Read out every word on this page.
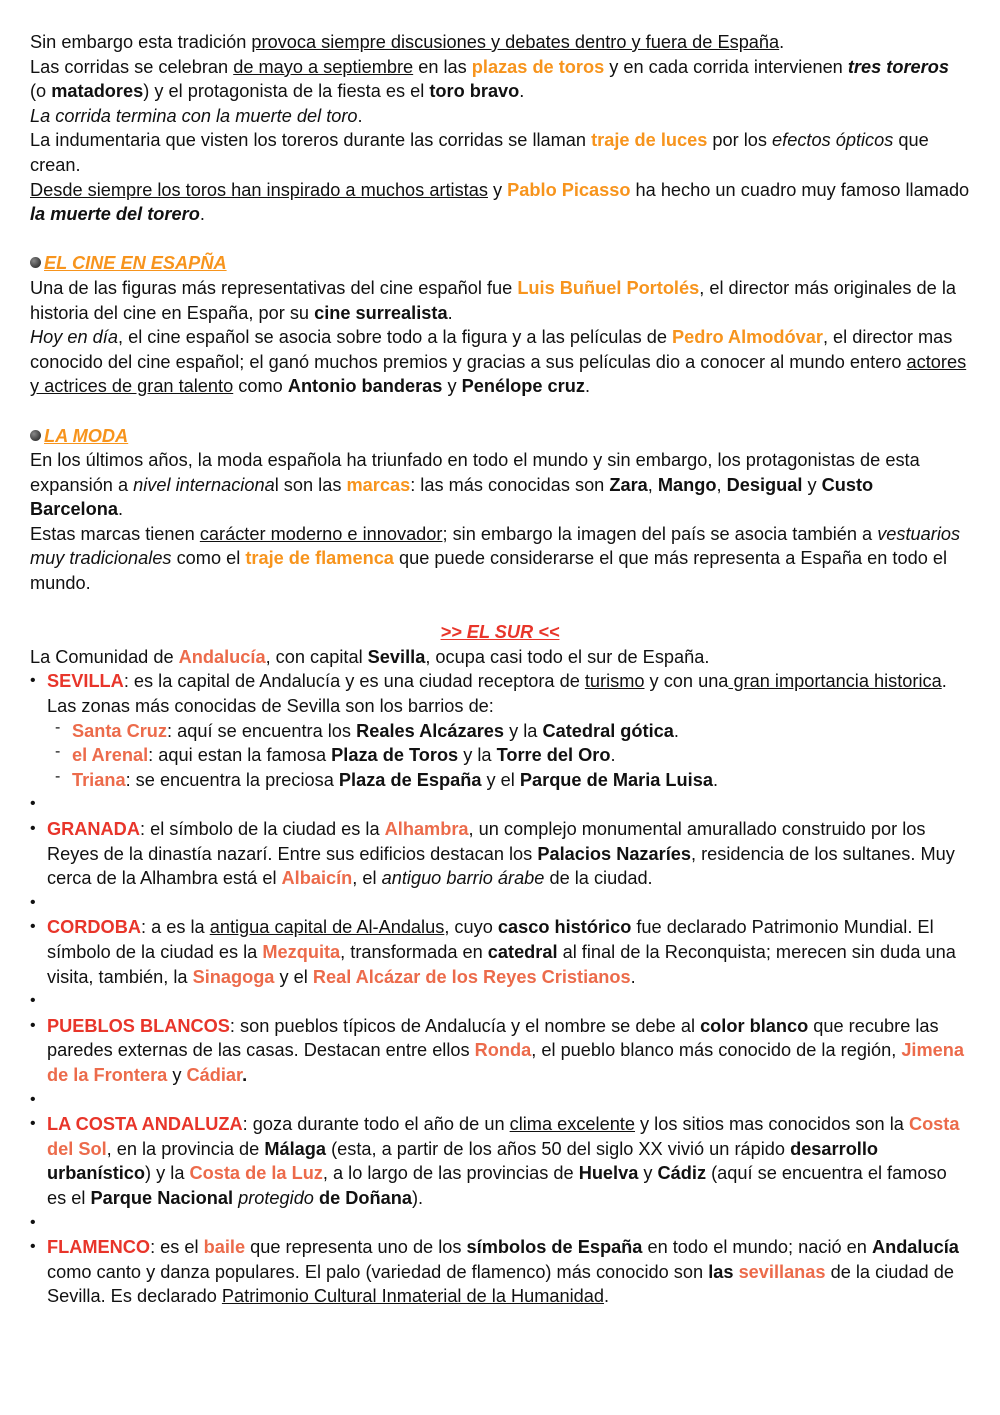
Sin embargo esta tradición provoca siempre discusiones y debates dentro y fuera de España.

Las corridas se celebran de mayo a septiembre en las plazas de toros y en cada corrida intervienen tres toreros (o matadores) y el protagonista de la fiesta es el toro bravo.

La corrida termina con la muerte del toro.

La indumentaria que visten los toreros durante las corridas se llaman traje de luces por los efectos ópticos que crean.

Desde siempre los toros han inspirado a muchos artistas y Pablo Picasso ha hecho un cuadro muy famoso llamado la muerte del torero.

EL CINE EN ESAPÑA

Una de las figuras más representativas del cine español fue Luis Buñuel Portolés, el director más originales de la historia del cine en España, por su cine surrealista.

Hoy en día, el cine español se asocia sobre todo a la figura y a las películas de Pedro Almodóvar, el director mas conocido del cine español; el ganó muchos premios y gracias a sus películas dio a conocer al mundo entero actores y actrices de gran talento como Antonio banderas y Penélope cruz.

LA MODA

En los últimos años, la moda española ha triunfado en todo el mundo y sin embargo, los protagonistas de esta expansión a nivel internacional son las marcas: las más conocidas son Zara, Mango, Desigual y Custo Barcelona.

Estas marcas tienen carácter moderno e innovador; sin embargo la imagen del país se asocia también a vestuarios muy tradicionales como el traje de flamenca que puede considerarse el que más representa a España en todo el mundo.

>> EL SUR <<

La Comunidad de Andalucía, con capital Sevilla, ocupa casi todo el sur de España.

• SEVILLA: es la capital de Andalucía y es una ciudad receptora de turismo y con una gran importancia historica. Las zonas más conocidas de Sevilla son los barrios de:
- Santa Cruz: aquí se encuentra los Reales Alcázares y la Catedral gótica.
- el Arenal: aqui estan la famosa Plaza de Toros y la Torre del Oro.
- Triana: se encuentra la preciosa Plaza de España y el Parque de Maria Luisa.
•
• GRANADA: el símbolo de la ciudad es la Alhambra, un complejo monumental amurallado construido por los Reyes de la dinastía nazarí. Entre sus edificios destacan los Palacios Nazaríes, residencia de los sultanes. Muy cerca de la Alhambra está el Albaicín, el antiguo barrio árabe de la ciudad.
•
• CORDOBA: a es la antigua capital de Al-Andalus, cuyo casco histórico fue declarado Patrimonio Mundial. El símbolo de la ciudad es la Mezquita, transformada en catedral al final de la Reconquista; merecen sin duda una visita, también, la Sinagoga y el Real Alcázar de los Reyes Cristianos.
•
• PUEBLOS BLANCOS: son pueblos típicos de Andalucía y el nombre se debe al color blanco que recubre las paredes externas de las casas. Destacan entre ellos Ronda, el pueblo blanco más conocido de la región, Jimena de la Frontera y Cádiar.
•
• LA COSTA ANDALUZA: goza durante todo el año de un clima excelente y los sitios mas conocidos son la Costa del Sol, en la provincia de Málaga (esta, a partir de los años 50 del siglo XX vivió un rápido desarrollo urbanístico) y la Costa de la Luz, a lo largo de las provincias de Huelva y Cádiz (aquí se encuentra el famoso es el Parque Nacional protegido de Doñana).
•
• FLAMENCO: es el baile que representa uno de los símbolos de España en todo el mundo; nació en Andalucía como canto y danza populares. El palo (variedad de flamenco) más conocido son las sevillanas de la ciudad de Sevilla. Es declarado Patrimonio Cultural Inmaterial de la Humanidad.
